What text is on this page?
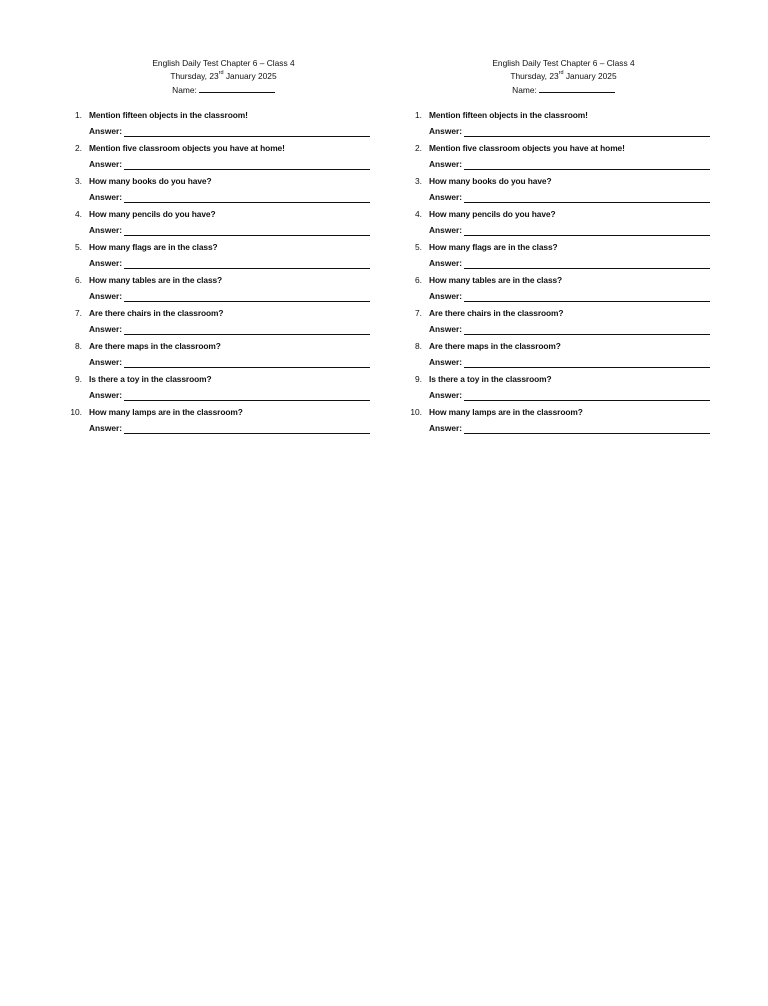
English Daily Test Chapter 6 – Class 4
Thursday, 23rd January 2025
Name:
1. Mention fifteen objects in the classroom!
Answer:
2. Mention five classroom objects you have at home!
Answer:
3. How many books do you have?
Answer:
4. How many pencils do you have?
Answer:
5. How many flags are in the class?
Answer:
6. How many tables are in the class?
Answer:
7. Are there chairs in the classroom?
Answer:
8. Are there maps in the classroom?
Answer:
9. Is there a toy in the classroom?
Answer:
10. How many lamps are in the classroom?
Answer:
English Daily Test Chapter 6 – Class 4
Thursday, 23rd January 2025
Name:
1. Mention fifteen objects in the classroom!
Answer:
2. Mention five classroom objects you have at home!
Answer:
3. How many books do you have?
Answer:
4. How many pencils do you have?
Answer:
5. How many flags are in the class?
Answer:
6. How many tables are in the class?
Answer:
7. Are there chairs in the classroom?
Answer:
8. Are there maps in the classroom?
Answer:
9. Is there a toy in the classroom?
Answer:
10. How many lamps are in the classroom?
Answer:
